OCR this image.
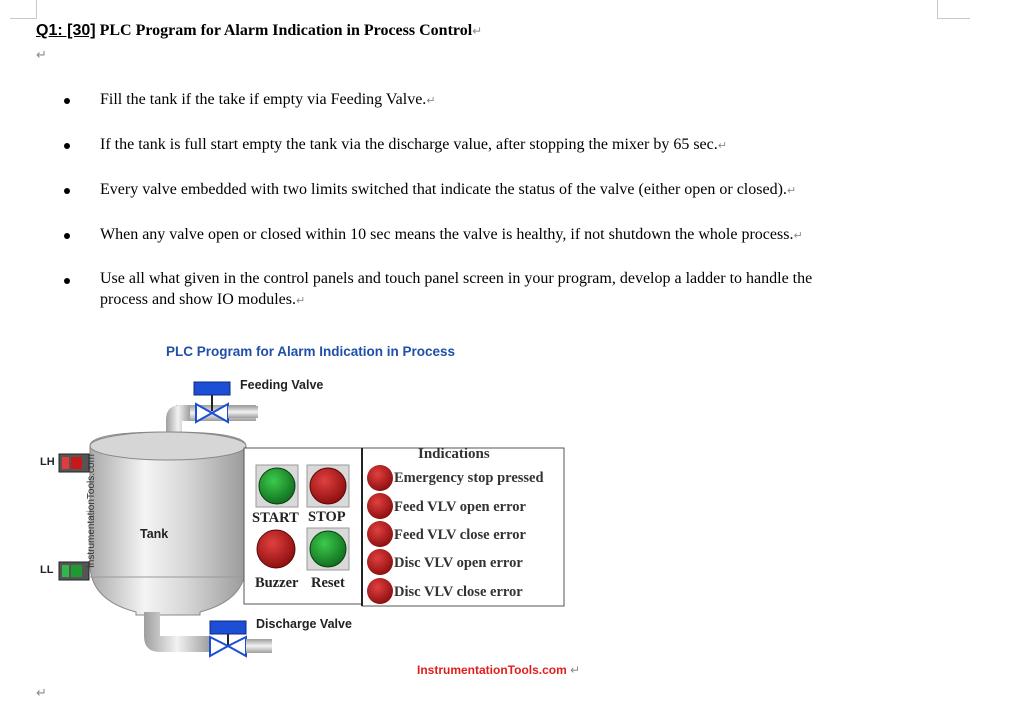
Q1: [30] PLC Program for Alarm Indication in Process Control↵
↵
Fill the tank if the take if empty via Feeding Valve.↵
If the tank is full start empty the tank via the discharge value, after stopping the mixer by 65 sec.↵
Every valve embedded with two limits switched that indicate the status of the valve (either open or closed).↵
When any valve open or closed within 10 sec means the valve is healthy, if not shutdown the whole process.↵
Use all what given in the control panels and touch panel screen in your program, develop a ladder to handle the
process and show IO modules.↵
PLC Program for Alarm Indication in Process
Feeding Valve
Discharge Valve
Tank
LH
LL
InstrumentationTools.com	START STOP
Buzzer Reset
Indications
Emergency stop pressed
Feed VLV open error
Feed VLV close error
Disc VLV open error
Disc VLV close error
InstrumentationTools.com ↵
↵
